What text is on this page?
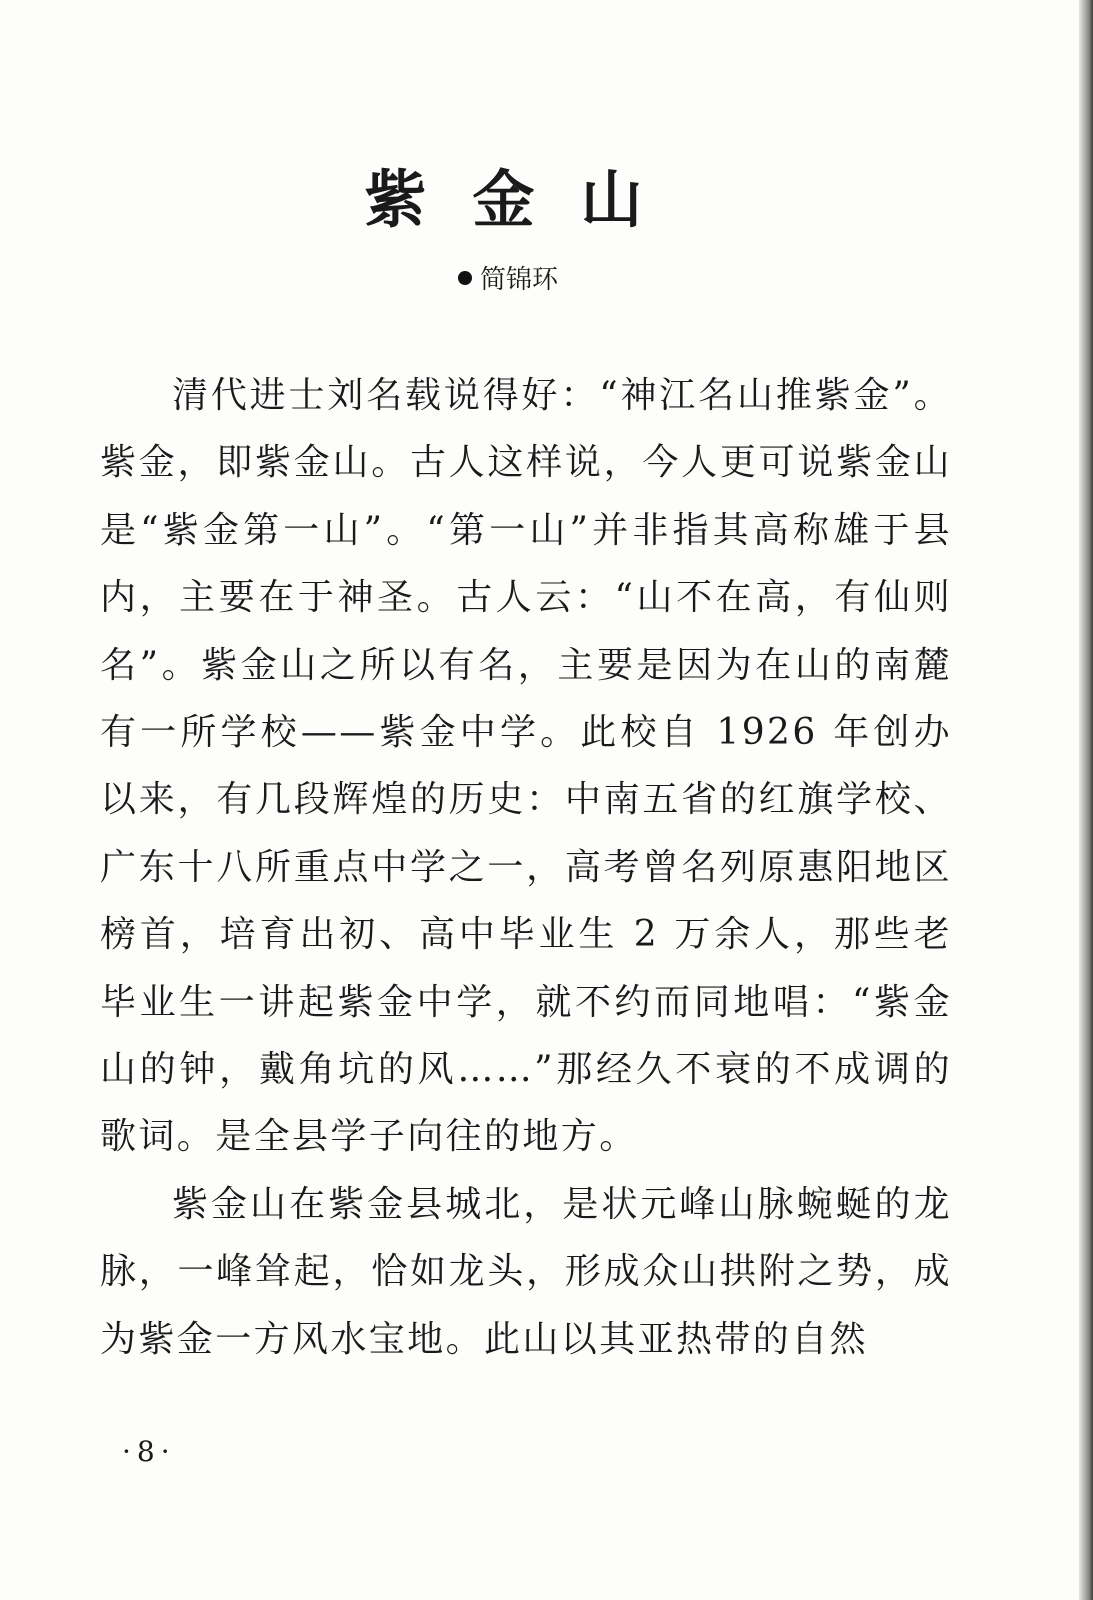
紫金山
简锦环

清代进士刘名载说得好：“神江名山推紫金”。紫金，即紫金山。古人这样说，今人更可说紫金山是“紫金第一山”。“第一山”并非指其高称雄于县内，主要在于神圣。古人云：“山不在高，有仙则名”。紫金山之所以有名，主要是因为在山的南麓有一所学校——紫金中学。此校自 1926 年创办以来，有几段辉煌的历史：中南五省的红旗学校、广东十八所重点中学之一，高考曾名列原惠阳地区榜首，培育出初、高中毕业生 2 万余人，那些老毕业生一讲起紫金中学，就不约而同地唱：“紫金山的钟，戴角坑的风……”那经久不衰的不成调的歌词。是全县学子向往的地方。

紫金山在紫金县城北，是状元峰山脉蜿蜒的龙脉，一峰耸起，恰如龙头，形成众山拱附之势，成为紫金一方风水宝地。此山以其亚热带的自然

·8·
